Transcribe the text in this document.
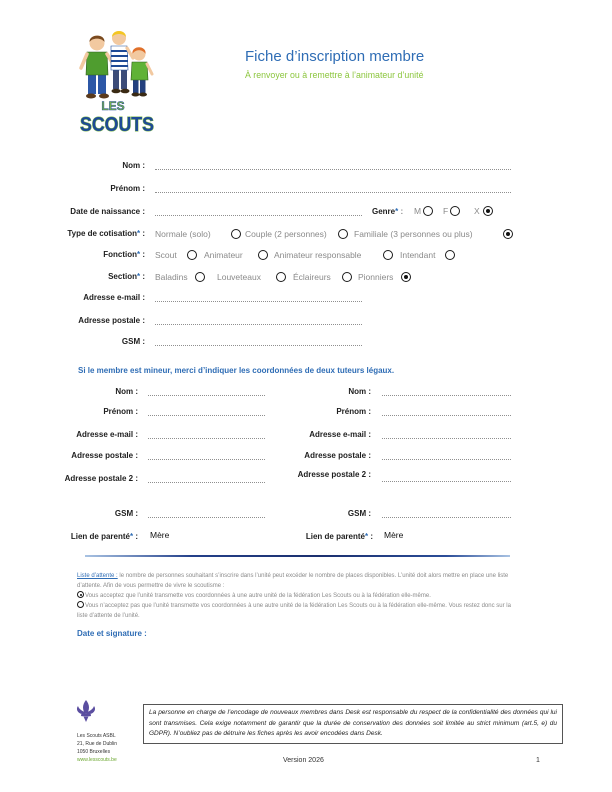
LES
SCOUTS
Fiche d’inscription membre
À renvoyer ou à remettre à l’animateur d’unité
Nom :
Prénom :
Date de naissance :	Genre* : M	F	X
Type de cotisation* : Normale (solo)	Couple (2 personnes)	Familiale (3 personnes ou plus)
Fonction* : Scout	Animateur	Animateur responsable	Intendant
Section* : Baladins	Louveteaux	Éclaireurs	Pionniers
Adresse e-mail :
Adresse postale :
GSM :
Si le membre est mineur, merci d’indiquer les coordonnées de deux tuteurs légaux.
Nom :
Prénom :
Adresse e-mail :
Adresse postale :
Adresse postale 2 :
GSM :
Lien de parenté* : Mère
Nom :
Prénom :
Adresse e-mail :
Adresse postale :
Adresse postale 2 :
GSM :
Lien de parenté* : Mère

Liste d’attente : le nombre de personnes souhaitant s’inscrire dans l’unité peut excéder le nombre de places disponibles. L’unité doit alors mettre en place une liste d’attente. Afin de vous permettre de vivre le scoutisme :

Vous acceptez que l’unité transmette vos coordonnées à une autre unité de la fédération Les Scouts ou à la fédération elle-même.

Vous n’acceptez pas que l’unité transmette vos coordonnées à une autre unité de la fédération Les Scouts ou à la fédération elle-même. Vous restez donc sur la liste d’attente de l’unité.

Date et signature :
La personne en charge de l’encodage de nouveaux membres dans Desk est responsable du respect de la confidentialité des données qui lui sont transmises. Cela exige notamment de garantir que la durée de conservation des données soit limitée au strict minimum (art.5, e) du GDPR). N’oubliez pas de détruire les fiches après les avoir encodées dans Desk.
Les Scouts ASBL
21, Rue de Dublin
1050 Bruxelles
www.lesscouts.be	Version 2026	1
